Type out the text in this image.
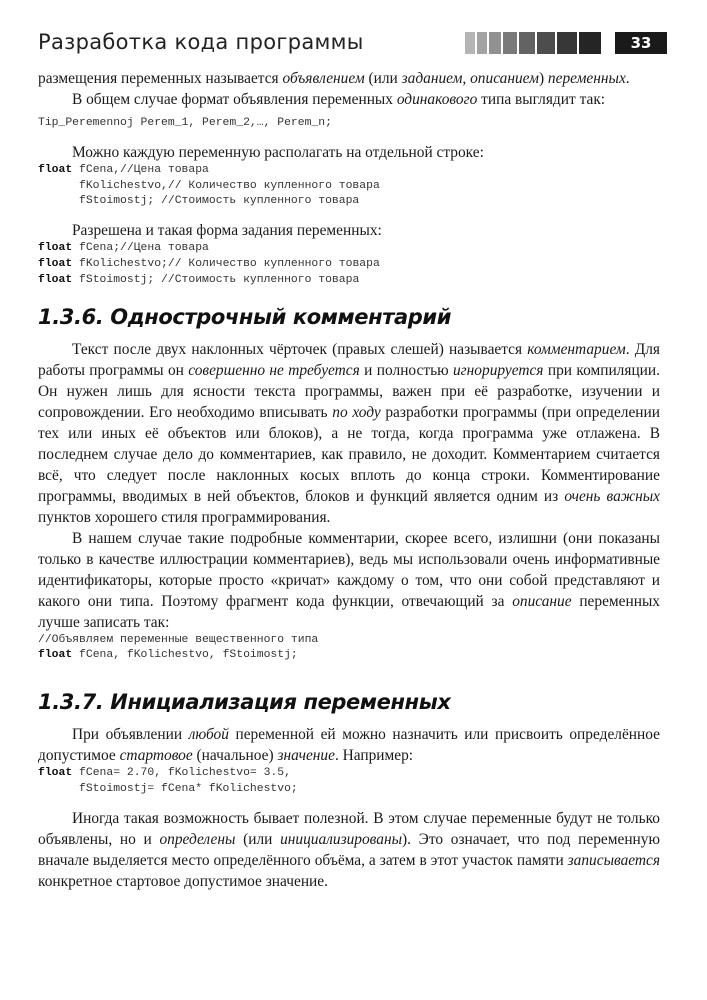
Разработка кода программы	33

размещения переменных называется объявлением (или заданием, описанием) переменных.

В общем случае формат объявления переменных одинакового типа выглядит так:

Tip_Peremennoj Perem_1, Perem_2,…, Perem_n;

Можно каждую переменную располагать на отдельной строке:

float fCena,//Цена товара
fKolichestvo,// Количество купленного товара
fStoimostj; //Стоимость купленного товара

Разрешена и такая форма задания переменных:

float fCena;//Цена товара
float fKolichestvo;// Количество купленного товара
float fStoimostj; //Стоимость купленного товара
1.3.6. Однострочный комментарий

Текст после двух наклонных чёрточек (правых слешей) называется комментарием. Для работы программы он совершенно не требуется и полностью игнорируется при компиляции. Он нужен лишь для ясности текста программы, важен при её разработке, изучении и сопровождении. Его необходимо вписывать по ходу разработки программы (при определении тех или иных её объектов или блоков), а не тогда, когда программа уже отлажена. В последнем случае дело до комментариев, как правило, не доходит. Комментарием считается всё, что следует после наклонных косых вплоть до конца строки. Комментирование программы, вводимых в ней объектов, блоков и функций является одним из очень важных пунктов хорошего стиля программирования.

В нашем случае такие подробные комментарии, скорее всего, излишни (они показаны только в качестве иллюстрации комментариев), ведь мы использовали очень информативные идентификаторы, которые просто «кричат» каждому о том, что они собой представляют и какого они типа. Поэтому фрагмент кода функции, отвечающий за описание переменных лучше записать так:

//Объявляем переменные вещественного типа
float fCena, fKolichestvo, fStoimostj;
1.3.7. Инициализация переменных

При объявлении любой переменной ей можно назначить или присвоить определённое допустимое стартовое (начальное) значение. Например:

float fCena= 2.70, fKolichestvo= 3.5,
fStoimostj= fCena* fKolichestvo;

Иногда такая возможность бывает полезной. В этом случае переменные будут не только объявлены, но и определены (или инициализированы). Это означает, что под переменную вначале выделяется место определённого объёма, а затем в этот участок памяти записывается конкретное стартовое допустимое значение.
